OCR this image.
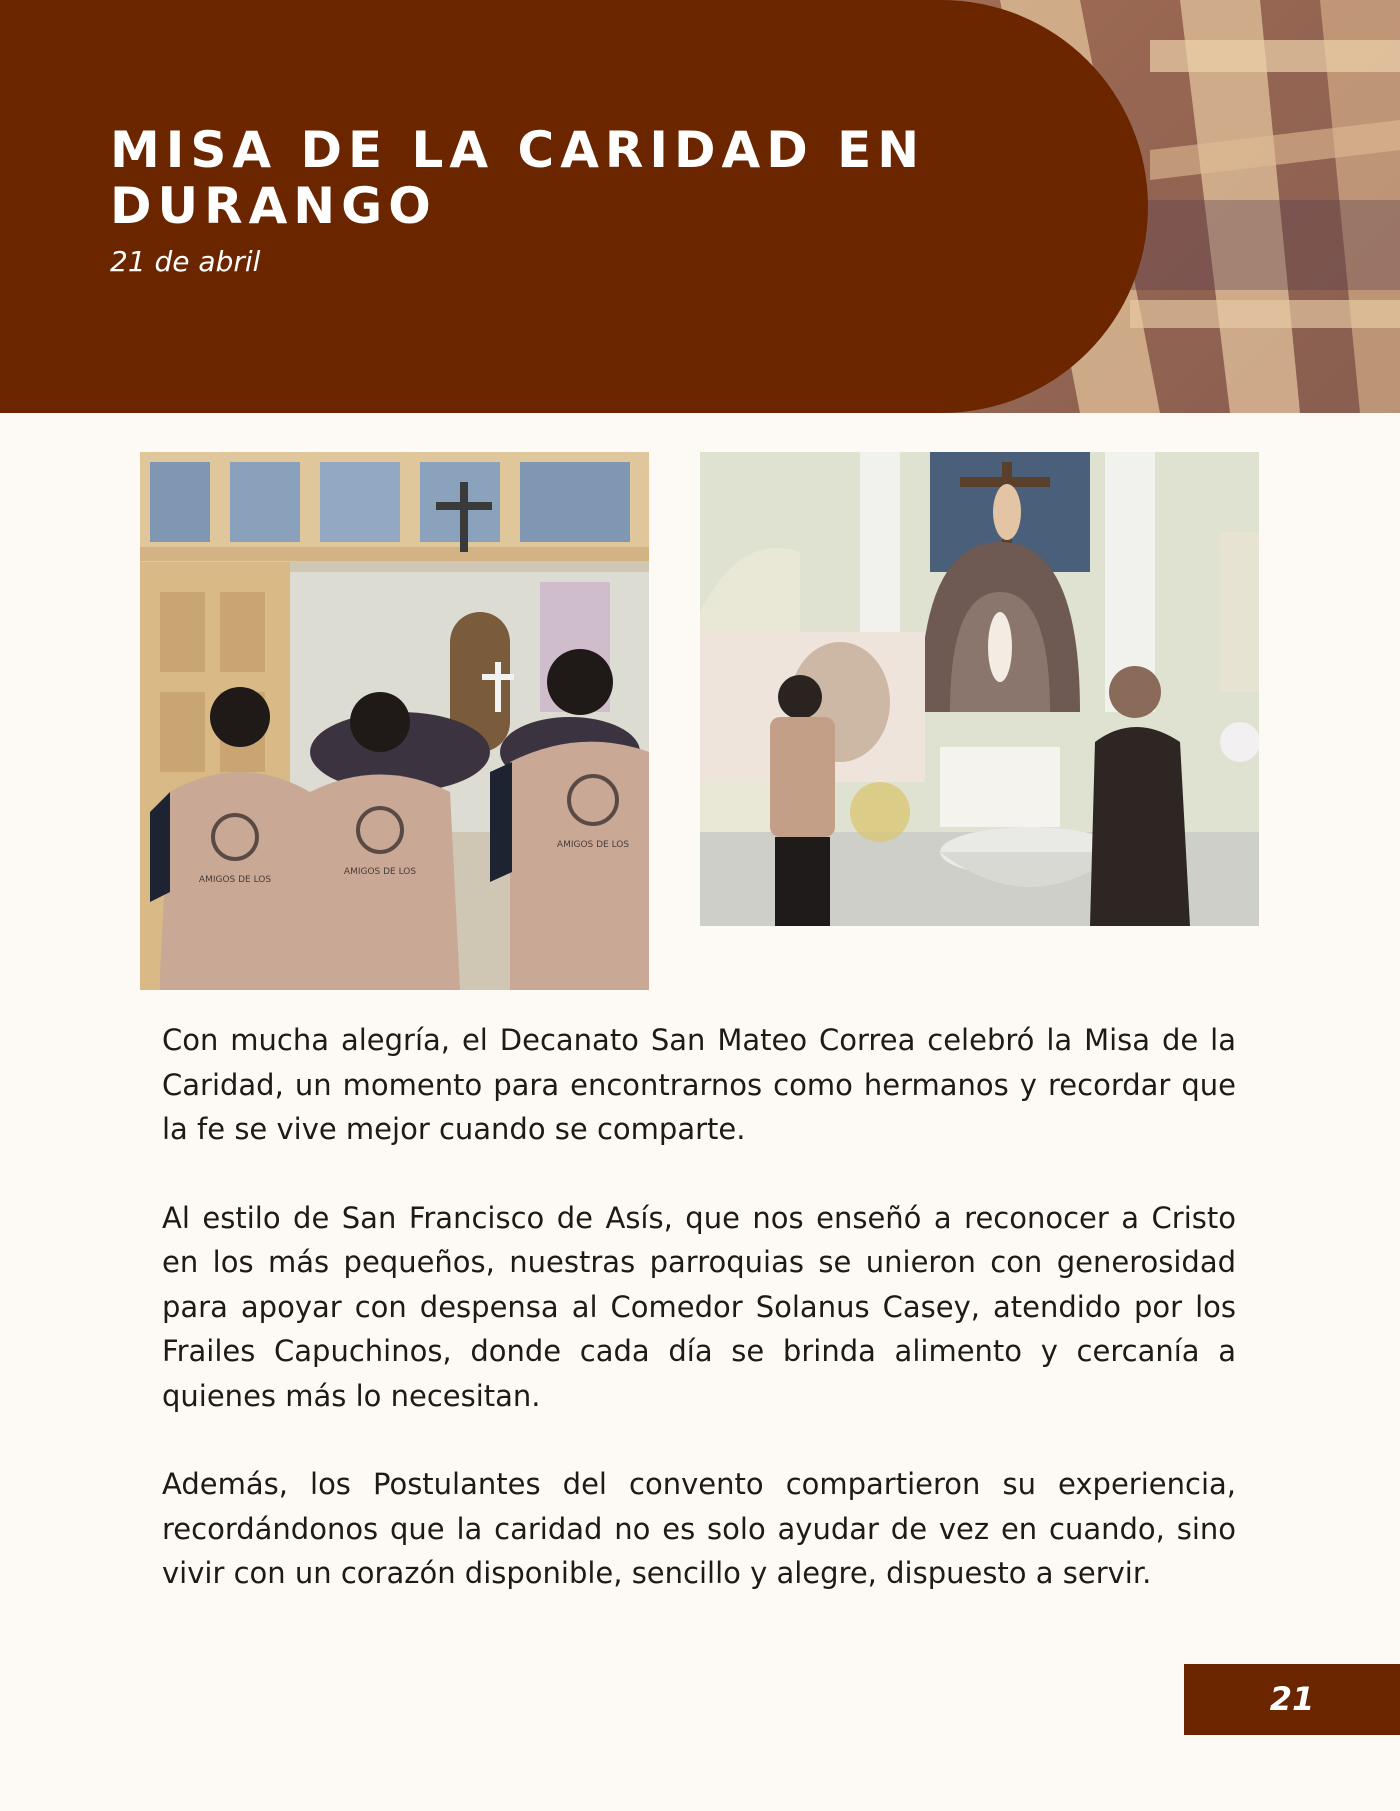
MISA DE LA CARIDAD EN DURANGO
21 de abril
AMIGOS DE LOS
AMIGOS DE LOS
AMIGOS DE LOS

Con mucha alegría, el Decanato San Mateo Correa celebró la Misa de la Caridad, un momento para encontrarnos como hermanos y recordar que la fe se vive mejor cuando se comparte.

Al estilo de San Francisco de Asís, que nos enseñó a reconocer a Cristo en los más pequeños, nuestras parroquias se unieron con generosidad para apoyar con despensa al Comedor Solanus Casey, atendido por los Frailes Capuchinos, donde cada día se brinda alimento y cercanía a quienes más lo necesitan.

Además, los Postulantes del convento compartieron su experiencia, recordándonos que la caridad no es solo ayudar de vez en cuando, sino vivir con un corazón disponible, sencillo y alegre, dispuesto a servir.

21
